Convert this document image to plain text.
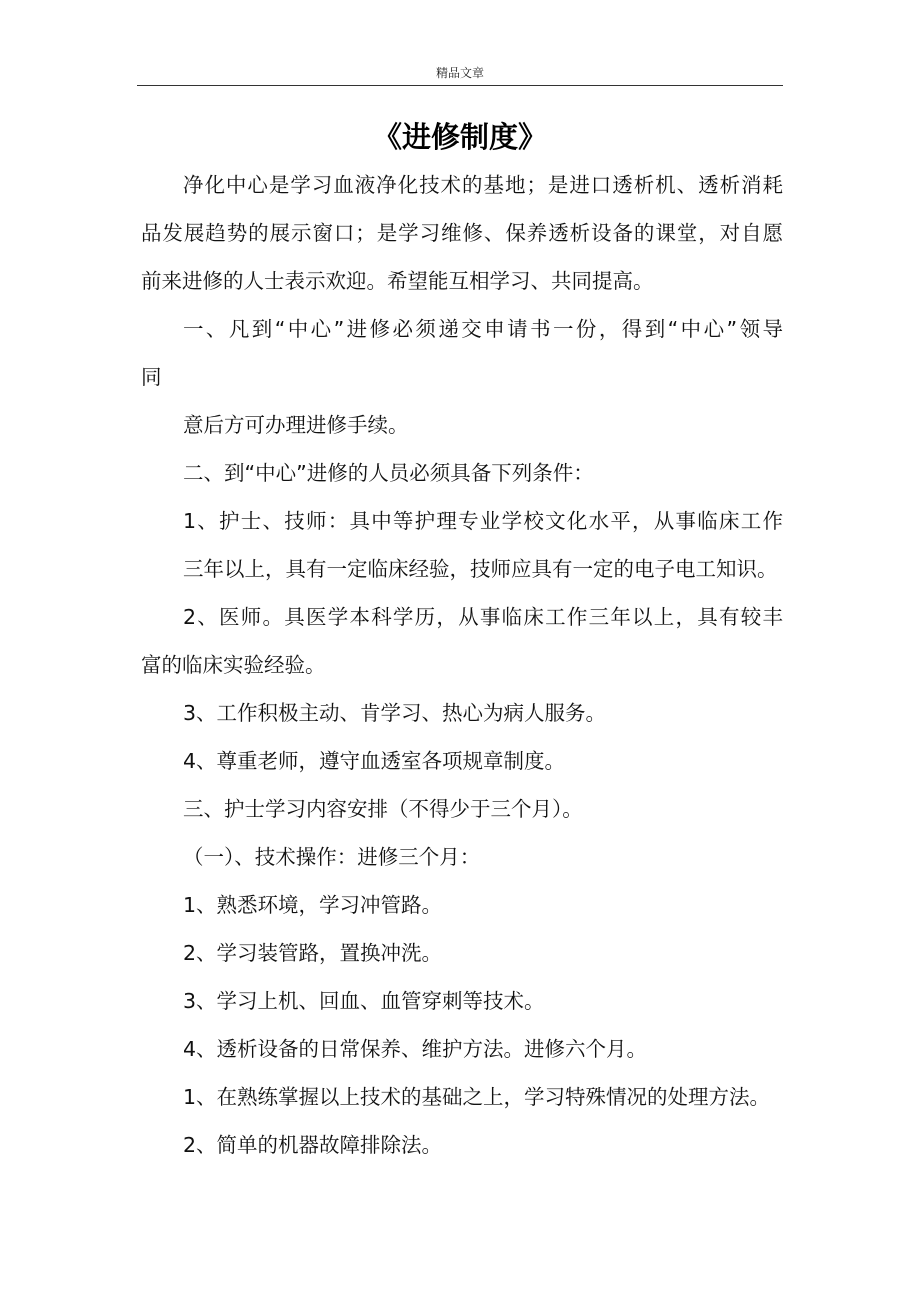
精品文章
《进修制度》
净化中心是学习血液净化技术的基地；是进口透析机、透析消耗
品发展趋势的展示窗口；是学习维修、保养透析设备的课堂，对自愿
前来进修的人士表示欢迎。希望能互相学习、共同提高。
一、凡到“中心”进修必须递交申请书一份，得到“中心”领导
同
意后方可办理进修手续。
二、到“中心”进修的人员必须具备下列条件：
1、护士、技师：具中等护理专业学校文化水平，从事临床工作
三年以上，具有一定临床经验，技师应具有一定的电子电工知识。
2、医师。具医学本科学历，从事临床工作三年以上，具有较丰
富的临床实验经验。
3、工作积极主动、肯学习、热心为病人服务。
4、尊重老师，遵守血透室各项规章制度。
三、护士学习内容安排（不得少于三个月）。
（一）、技术操作：进修三个月：
1、熟悉环境，学习冲管路。
2、学习装管路，置换冲洗。
3、学习上机、回血、血管穿刺等技术。
4、透析设备的日常保养、维护方法。进修六个月。
1、在熟练掌握以上技术的基础之上，学习特殊情况的处理方法。
2、简单的机器故障排除法。
